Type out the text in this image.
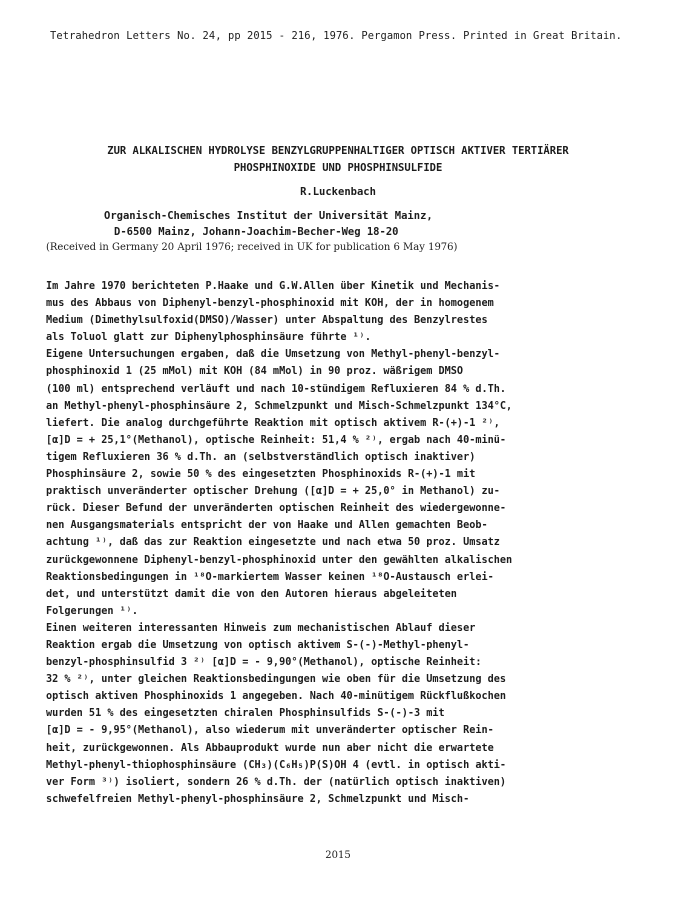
Tetrahedron Letters No. 24, pp 2015 - 216, 1976. Pergamon Press. Printed in Great Britain.
ZUR ALKALISCHEN HYDROLYSE BENZYLGRUPPENHALTIGER OPTISCH AKTIVER TERTIÄRER
PHOSPHINOXIDE UND PHOSPHINSULFIDE
R.Luckenbach
Organisch-Chemisches Institut der Universität Mainz,
D-6500 Mainz, Johann-Joachim-Becher-Weg 18-20
(Received in Germany 20 April 1976; received in UK for publication 6 May 1976)

Im Jahre 1970 berichteten P.Haake und G.W.Allen über Kinetik und Mechanis-

mus des Abbaus von Diphenyl-benzyl-phosphinoxid mit KOH, der in homogenem

Medium (Dimethylsulfoxid(DMSO)/Wasser) unter Abspaltung des Benzylrestes

als Toluol glatt zur Diphenylphosphinsäure führte ¹⁾.

Eigene Untersuchungen ergaben, daß die Umsetzung von Methyl-phenyl-benzyl-

phosphinoxid 1 (25 mMol) mit KOH (84 mMol) in 90 proz. wäßrigem DMSO

(100 ml) entsprechend verläuft und nach 10-stündigem Refluxieren 84 % d.Th.

an Methyl-phenyl-phosphinsäure 2, Schmelzpunkt und Misch-Schmelzpunkt 134°C,

liefert. Die analog durchgeführte Reaktion mit optisch aktivem R-(+)-1 ²⁾,

[α]D = + 25,1°(Methanol), optische Reinheit: 51,4 % ²⁾, ergab nach 40-minü-

tigem Refluxieren 36 % d.Th. an (selbstverständlich optisch inaktiver)

Phosphinsäure 2, sowie 50 % des eingesetzten Phosphinoxids R-(+)-1 mit

praktisch unveränderter optischer Drehung ([α]D = + 25,0° in Methanol) zu-

rück. Dieser Befund der unveränderten optischen Reinheit des wiedergewonne-

nen Ausgangsmaterials entspricht der von Haake und Allen gemachten Beob-

achtung ¹⁾, daß das zur Reaktion eingesetzte und nach etwa 50 proz. Umsatz

zurückgewonnene Diphenyl-benzyl-phosphinoxid unter den gewählten alkalischen

Reaktionsbedingungen in ¹⁸O-markiertem Wasser keinen ¹⁸O-Austausch erlei-

det, und unterstützt damit die von den Autoren hieraus abgeleiteten

Folgerungen ¹⁾.

Einen weiteren interessanten Hinweis zum mechanistischen Ablauf dieser

Reaktion ergab die Umsetzung von optisch aktivem S-(-)-Methyl-phenyl-

benzyl-phosphinsulfid 3 ²⁾ [α]D = - 9,90°(Methanol), optische Reinheit:

32 % ²⁾, unter gleichen Reaktionsbedingungen wie oben für die Umsetzung des

optisch aktiven Phosphinoxids 1 angegeben. Nach 40-minütigem Rückflußkochen

wurden 51 % des eingesetzten chiralen Phosphinsulfids S-(-)-3 mit

[α]D = - 9,95°(Methanol), also wiederum mit unveränderter optischer Rein-

heit, zurückgewonnen. Als Abbauprodukt wurde nun aber nicht die erwartete

Methyl-phenyl-thiophosphinsäure (CH₃)(C₆H₅)P(S)OH 4 (evtl. in optisch akti-

ver Form ³⁾) isoliert, sondern 26 % d.Th. der (natürlich optisch inaktiven)

schwefelfreien Methyl-phenyl-phosphinsäure 2, Schmelzpunkt und Misch-

2015
